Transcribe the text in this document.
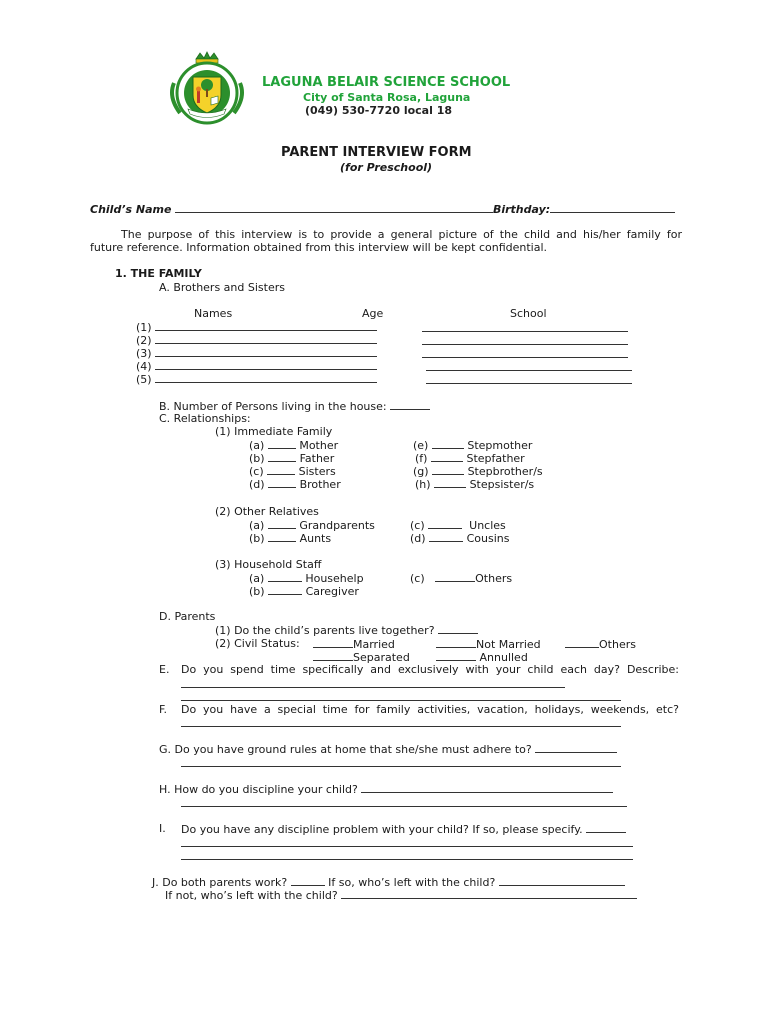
LAGUNA BELAIR SCIENCE SCHOOL
City of Santa Rosa, Laguna
(049) 530-7720 local 18
PARENT INTERVIEW FORM
(for Preschool)
Child’s Name	Birthday:
The purpose of this interview is to provide a general picture of the child and his/her family for
future reference. Information obtained from this interview will be kept confidential.
1. THE FAMILY
A. Brothers and Sisters
Names	Age	School
(1)
(2)
(3)
(4)
(5)
B. Number of Persons living in the house:
C. Relationships:
(1) Immediate Family
(a)	Mother
(b)	Father
(c)	Sisters
(d)	Brother
(e)	Stepmother
(f)	Stepfather
(g)	Stepbrother/s
(h)	Stepsister/s
(2) Other Relatives
(a)	Grandparents
(b)	Aunts
(c)	Uncles
(d)	Cousins
(3) Household Staff
(a)	Househelp
(b)	Caregiver
(c)	Others
D. Parents
(1) Do the child’s parents live together?
(2) Civil Status:	Married	Not Married	Others
Separated	Annulled
E. Do you spend time specifically and exclusively with your child each day? Describe:
F. Do you have a special time for family activities, vacation, holidays, weekends, etc?
G. Do you have ground rules at home that she/she must adhere to?
H. How do you discipline your child?
I. Do you have any discipline problem with your child? If so, please specify.
J. Do both parents work?	If so, who’s left with the child?
If not, who’s left with the child?
